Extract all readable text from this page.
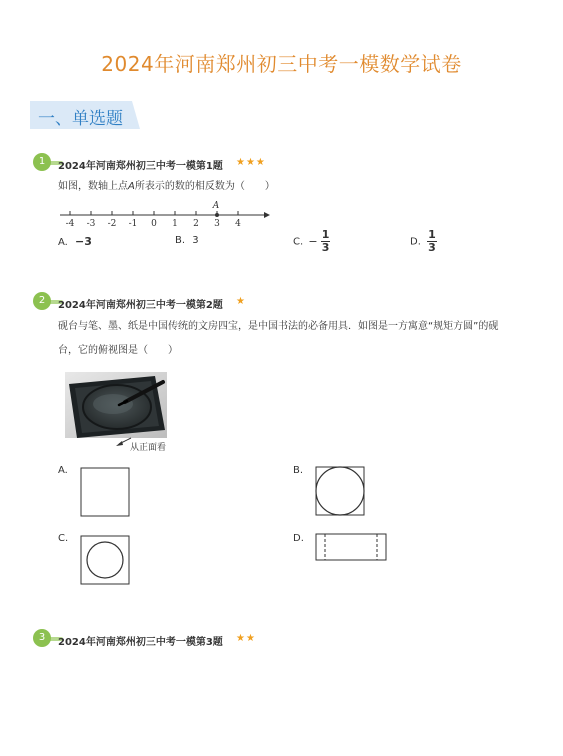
2024年河南郑州初三中考一模数学试卷
一、单选题
1	2024年河南郑州初三中考一模第1题 ★★★
如图，数轴上点A所表示的数的相反数为（　　）
-4 -3 -2 -1 0 1 2 3 4
A
A. −3	B. 3	C. − $\frac{1}{3}$	D. $\frac{1}{3}$
2	2024年河南郑州初三中考一模第2题 ★
砚台与笔、墨、纸是中国传统的文房四宝，是中国书法的必备用具．如图是一方寓意“规矩方圆”的砚
台，它的俯视图是（　　）
从正面看
A.	B.
C.	D.
3	2024年河南郑州初三中考一模第3题 ★★
